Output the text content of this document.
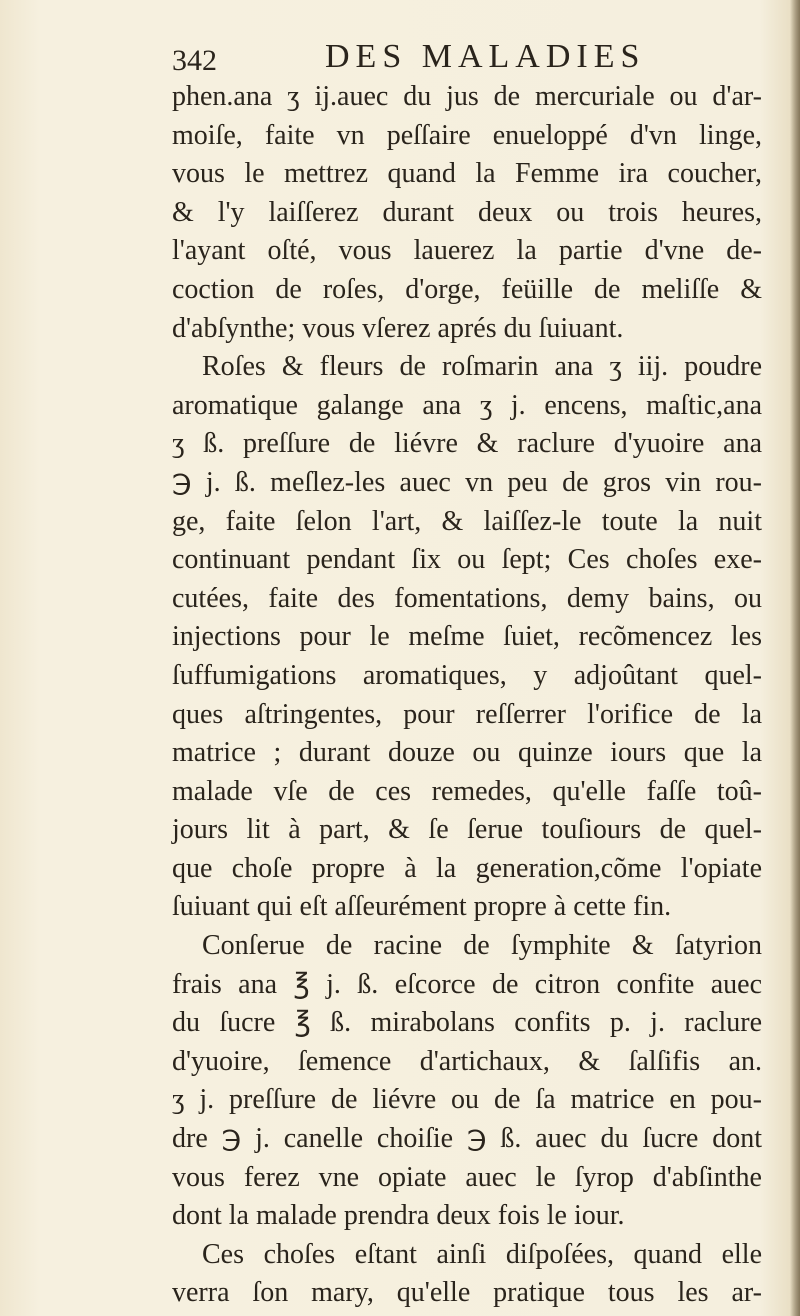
342	DES MALADIES
phen.ana ʒ ij.auec du jus de mercuriale ou d'ar-
moiſe, faite vn peſſaire enueloppé d'vn linge,
vous le mettrez quand la Femme ira coucher,
& l'y laiſſerez durant deux ou trois heures,
l'ayant oſté, vous lauerez la partie d'vne de-
coction de roſes, d'orge, feüille de meliſſe &
d'abſynthe; vous vſerez aprés du ſuiuant.
Roſes & fleurs de roſmarin ana ʒ iij. poudre
aromatique galange ana ʒ j. encens, maſtic,ana
ʒ ß. preſſure de liévre & raclure d'yuoire ana
℈ j. ß. meſlez-les auec vn peu de gros vin rou-
ge, faite ſelon l'art, & laiſſez-le toute la nuit
continuant pendant ſix ou ſept; Ces choſes exe-
cutées, faite des fomentations, demy bains, ou
injections pour le meſme ſuiet, recõmencez les
ſuffumigations aromatiques, y adjoûtant quel-
ques aſtringentes, pour reſſerrer l'orifice de la
matrice ; durant douze ou quinze iours que la
malade vſe de ces remedes, qu'elle faſſe toû-
jours lit à part, & ſe ſerue touſiours de quel-
que choſe propre à la generation,cõme l'opiate
ſuiuant qui eſt aſſeurément propre à cette fin.
Conſerue de racine de ſymphite & ſatyrion
frais ana ℥ j. ß. eſcorce de citron confite auec
du ſucre ℥ ß. mirabolans confits p. j. raclure
d'yuoire, ſemence d'artichaux, & ſalſifis an.
ʒ j. preſſure de liévre ou de ſa matrice en pou-
dre ℈ j. canelle choiſie ℈ ß. auec du ſucre dont
vous ferez vne opiate auec le ſyrop d'abſinthe
dont la malade prendra deux fois le iour.
Ces choſes eſtant ainſi diſpoſées, quand elle
verra ſon mary, qu'elle pratique tous les ar-
